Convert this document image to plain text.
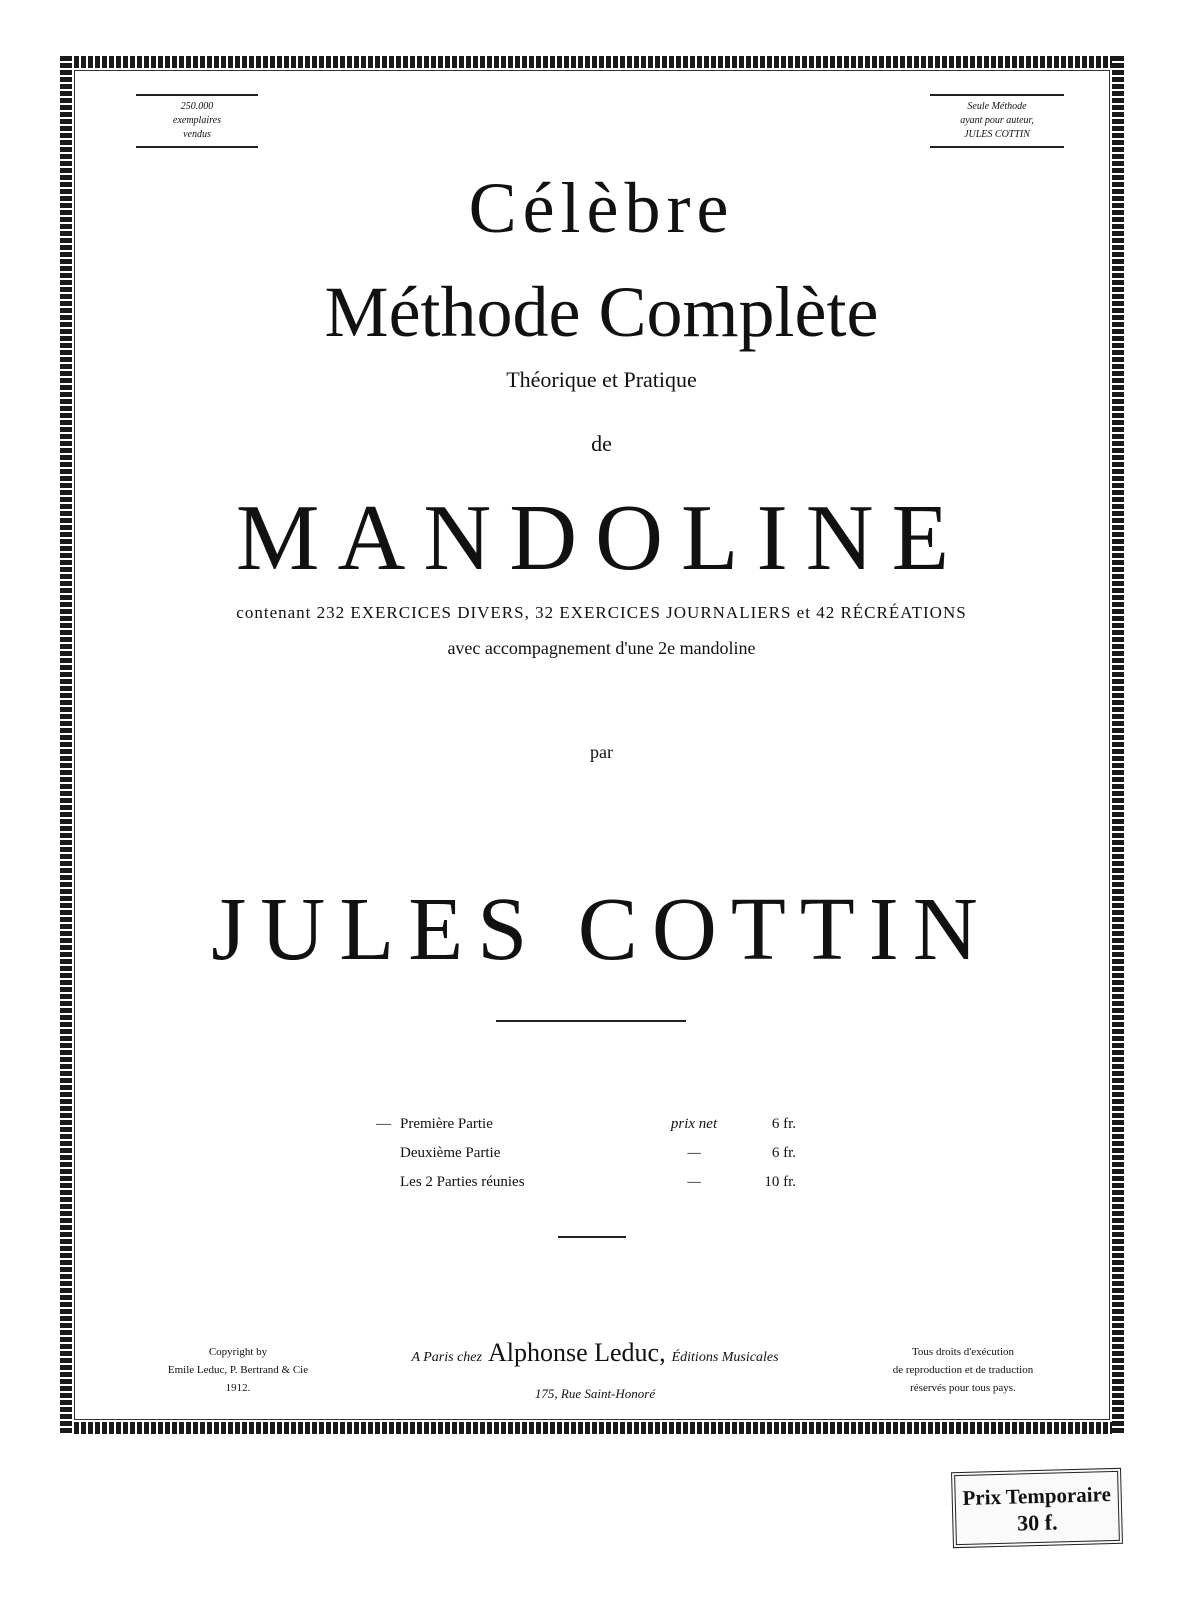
250.000
exemplaires
vendus
Seule Méthode
ayant pour auteur,
JULES COTTIN
Célèbre
Méthode Complète
Théorique et Pratique
de
MANDOLINE
contenant 232 EXERCICES DIVERS, 32 EXERCICES JOURNALIERS et 42 RÉCRÉATIONS
avec accompagnement d'une 2e mandoline
par
JULES COTTIN
— Première Partie	prix net	6 fr.
Deuxième Partie	—	6 fr.
Les 2 Parties réunies	—	10 fr.
Copyright by
Emile Leduc, P. Bertrand & Cie
1912.
A Paris chez Alphonse Leduc, Éditions Musicales
175, Rue Saint-Honoré
Tous droits d'exécution
de reproduction et de traduction
réservés pour tous pays.
Prix Temporaire
30 f.
